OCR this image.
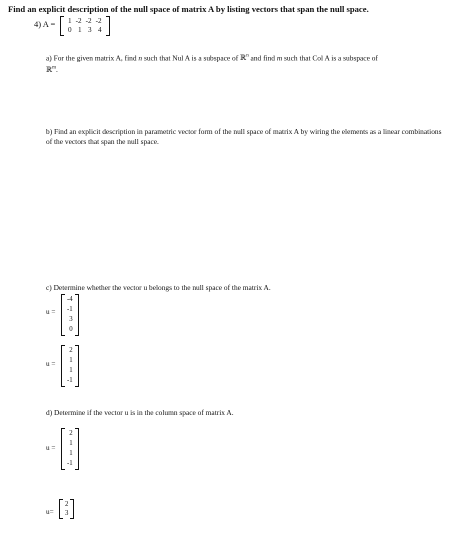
Find an explicit description of the null space of matrix A by listing vectors that span the null space.
4) A = 1 -2 -2 -2
0 1 3 4
a) For the given matrix A, find n such that Nul A is a subspace of ℝ$^n$ and find m such that Col A is a subspace of
ℝ$^m$.
b) Find an explicit description in parametric vector form of the null space of matrix A by wiring the elements as a linear combinations of the vectors that span the null space.
c) Determine whether the vector u belongs to the null space of the matrix A.
u =
-4
-1
3
0
u =
2
1
1
-1
d) Determine if the vector u is in the column space of matrix A.
u =
2
1
1
-1
u=
2
3
